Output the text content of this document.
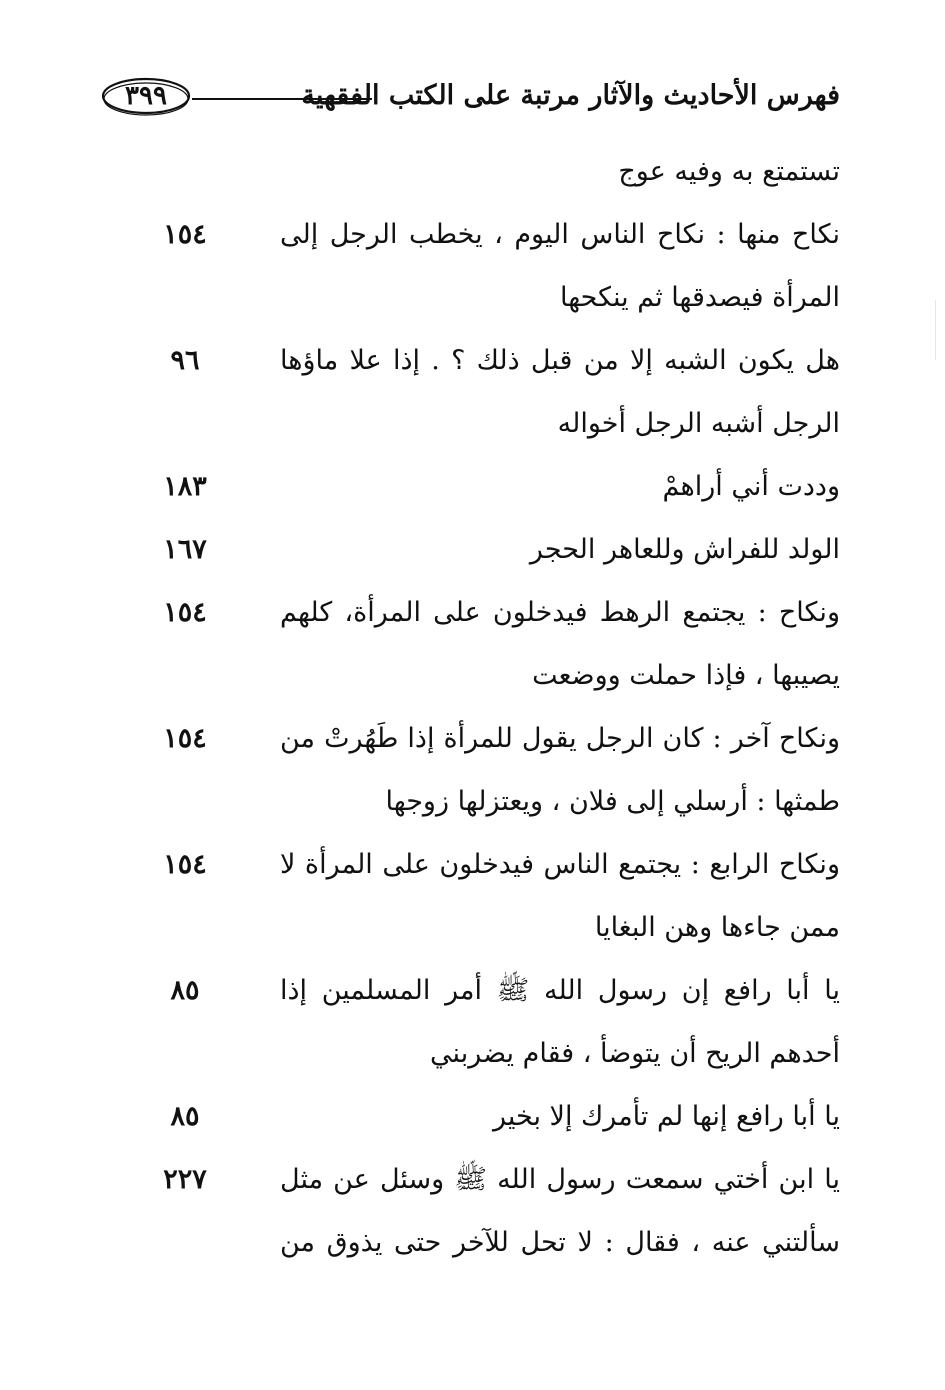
٣٩٩	فهرس الأحاديث والآثار مرتبة على الكتب الفقهية
تستمتع به وفيه عوج
نكاح منها : نكاح الناس اليوم ، يخطب الرجل إلى
١٥٤
المرأة فيصدقها ثم ينكحها
هل يكون الشبه إلا من قبل ذلك ؟ . إذا علا ماؤها
٩٦
الرجل أشبه الرجل أخواله
وددت أني أراهمْ
١٨٣
الولد للفراش وللعاهر الحجر
١٦٧
ونكاح : يجتمع الرهط فيدخلون على المرأة، كلهم
١٥٤
يصيبها ، فإذا حملت ووضعت
ونكاح آخر : كان الرجل يقول للمرأة إذا طَهُرتْ من
١٥٤
طمثها : أرسلي إلى فلان ، ويعتزلها زوجها
ونكاح الرابع : يجتمع الناس فيدخلون على المرأة لا
١٥٤
ممن جاءها وهن البغايا
يا أبا رافع إن رسول الله ﷺ أمر المسلمين إذا
٨٥
أحدهم الريح أن يتوضأ ، فقام يضربني
يا أبا رافع إنها لم تأمرك إلا بخير
٨٥
يا ابن أختي سمعت رسول الله ﷺ وسئل عن مثل
٢٢٧
سألتني عنه ، فقال : لا تحل للآخر حتى يذوق من
